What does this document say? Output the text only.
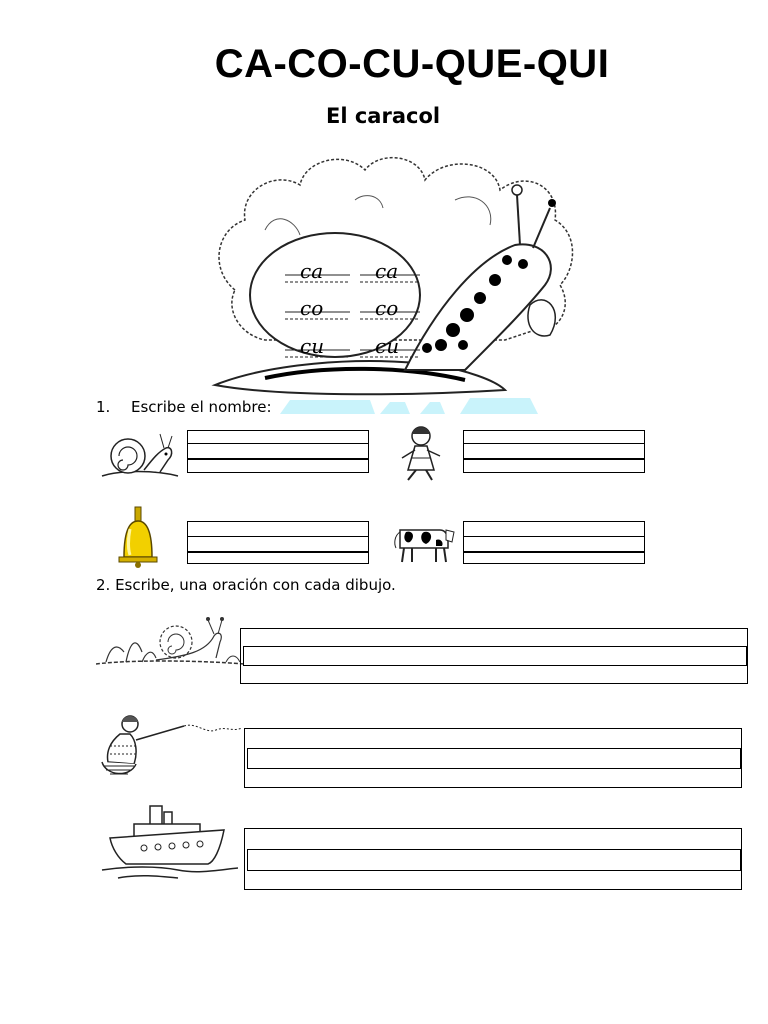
CA-CO-CU-QUE-QUI
El caracol
ca	ca
co	co
cu	cu
1. Escribe el nombre:
2. Escribe, una oración con cada dibujo.
